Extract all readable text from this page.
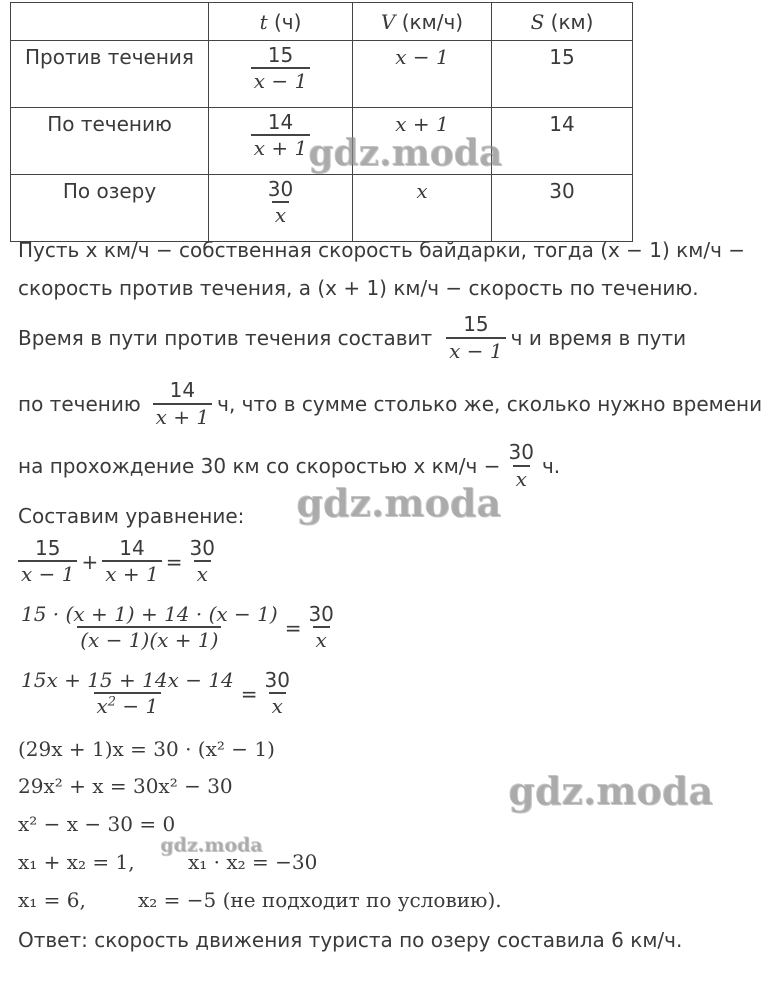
	t (ч)	V (км/ч)	S (км)

Против течения	$\frac{15}{x - 1}$	x − 1	15

По течению	$\frac{14}{x + 1}$	x + 1	14

По озеру	$\frac{30}{x}$	x	30
Пусть x км/ч − собственная скорость байдарки, тогда (x − 1) км/ч −
скорость против течения, а (x + 1) км/ч − скорость по течению.
Время в пути против течения составит $\frac{15}{x - 1}$ ч и время в пути
по течению $\frac{14}{x + 1} ч$, что в сумме столько же, сколько нужно времени
на прохождение 30 км со скоростью x $км/ч - \frac{30}{x} ч$.
Составим уравнение:
$\frac{15}{x - 1} + \frac{14}{x + 1} = \frac{30}{x}$
$\frac{15 \cdot (x + 1) + 14 \cdot (x - 1)}{(x - 1)(x + 1)} = \frac{30}{x}$
$\frac{15x + 15 + 14x - 14}{x^2 - 1} = \frac{30}{x}$
(29x + 1)x = 30 · (x² − 1)
29x² + x = 30x² − 30
x² − x − 30 = 0
x₁ + x₂ = 1,	x₁ · x₂ = −30
x₁ = 6,	x₂ = −5 (не подходит по условию).
Ответ: скорость движения туриста по озеру составила 6 км/ч.
gdz.moda
gdz.moda
gdz.moda
gdz.moda
